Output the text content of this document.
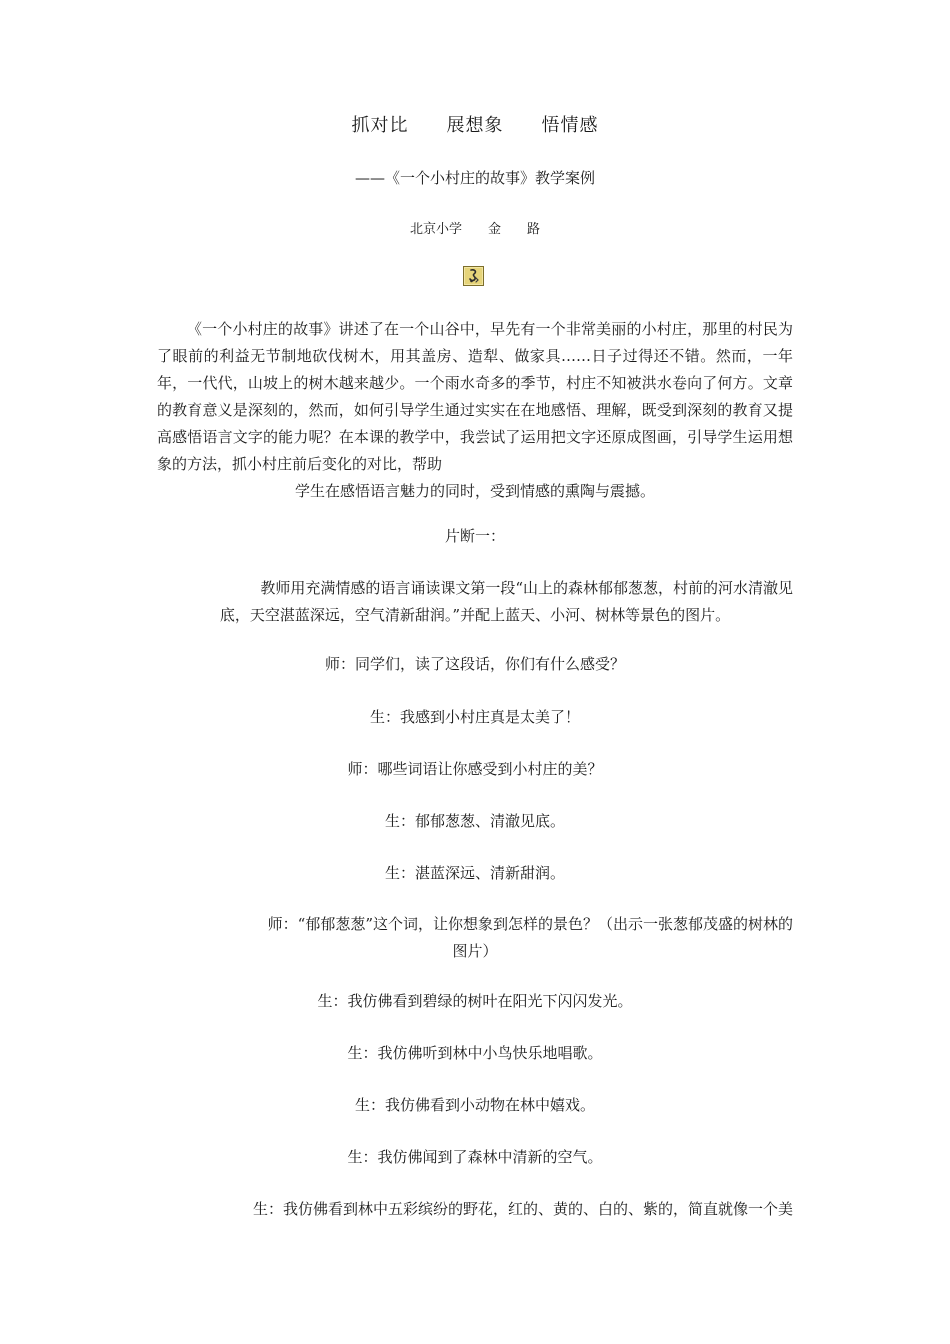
抓对比　　展想象　　悟情感
——《一个小村庄的故事》教学案例
北京小学　　金　　路
《一个小村庄的故事》讲述了在一个山谷中，早先有一个非常美丽的小村庄，那里的村民为了眼前的利益无节制地砍伐树木，用其盖房、造犁、做家具……日子过得还不错。然而，一年年，一代代，山坡上的树木越来越少。一个雨水奇多的季节，村庄不知被洪水卷向了何方。文章的教育意义是深刻的，然而，如何引导学生通过实实在在地感悟、理解，既受到深刻的教育又提高感悟语言文字的能力呢？在本课的教学中，我尝试了运用把文字还原成图画，引导学生运用想象的方法，抓小村庄前后变化的对比，帮助
学生在感悟语言魅力的同时，受到情感的熏陶与震撼。
片断一：
教师用充满情感的语言诵读课文第一段“山上的森林郁郁葱葱，村前的河水清澈见
底，天空湛蓝深远，空气清新甜润。”并配上蓝天、小河、树林等景色的图片。
师：同学们，读了这段话，你们有什么感受？
生：我感到小村庄真是太美了！
师：哪些词语让你感受到小村庄的美？
生：郁郁葱葱、清澈见底。
生：湛蓝深远、清新甜润。
师：“郁郁葱葱”这个词，让你想象到怎样的景色？（出示一张葱郁茂盛的树林的
图片）
生：我仿佛看到碧绿的树叶在阳光下闪闪发光。
生：我仿佛听到林中小鸟快乐地唱歌。
生：我仿佛看到小动物在林中嬉戏。
生：我仿佛闻到了森林中清新的空气。
生：我仿佛看到林中五彩缤纷的野花，红的、黄的、白的、紫的，简直就像一个美
